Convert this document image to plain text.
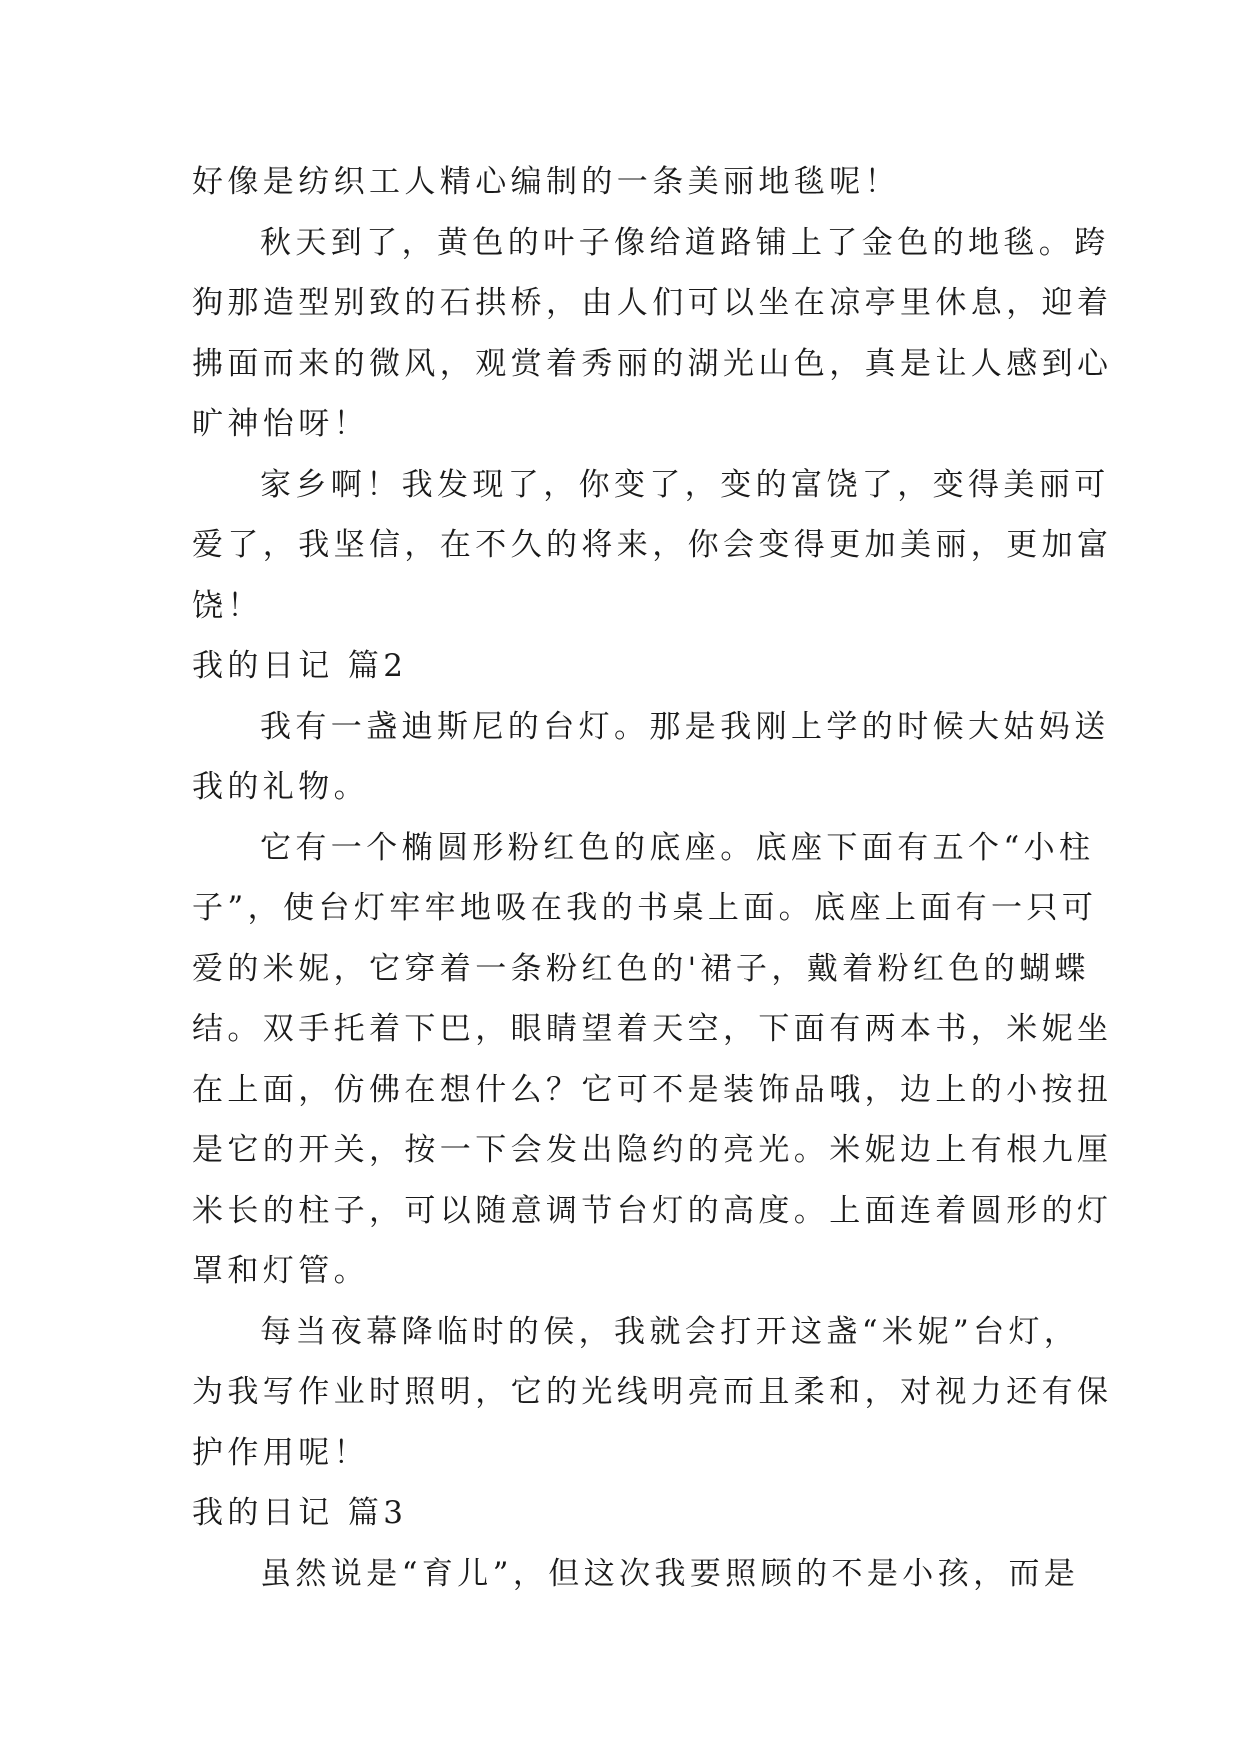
好像是纺织工人精心编制的一条美丽地毯呢！
秋天到了，黄色的叶子像给道路铺上了金色的地毯。跨
狗那造型别致的石拱桥，由人们可以坐在凉亭里休息，迎着
拂面而来的微风，观赏着秀丽的湖光山色，真是让人感到心
旷神怡呀！
家乡啊！我发现了，你变了，变的富饶了，变得美丽可
爱了，我坚信，在不久的将来，你会变得更加美丽，更加富
饶！
我的日记 篇2
我有一盏迪斯尼的台灯。那是我刚上学的时候大姑妈送
我的礼物。
它有一个椭圆形粉红色的底座。底座下面有五个“小柱
子”，使台灯牢牢地吸在我的书桌上面。底座上面有一只可
爱的米妮，它穿着一条粉红色的'裙子，戴着粉红色的蝴蝶
结。双手托着下巴，眼睛望着天空，下面有两本书，米妮坐
在上面，仿佛在想什么？它可不是装饰品哦，边上的小按扭
是它的开关，按一下会发出隐约的亮光。米妮边上有根九厘
米长的柱子，可以随意调节台灯的高度。上面连着圆形的灯
罩和灯管。
每当夜幕降临时的侯，我就会打开这盏“米妮”台灯，
为我写作业时照明，它的光线明亮而且柔和，对视力还有保
护作用呢！
我的日记 篇3
虽然说是“育儿”，但这次我要照顾的不是小孩，而是
